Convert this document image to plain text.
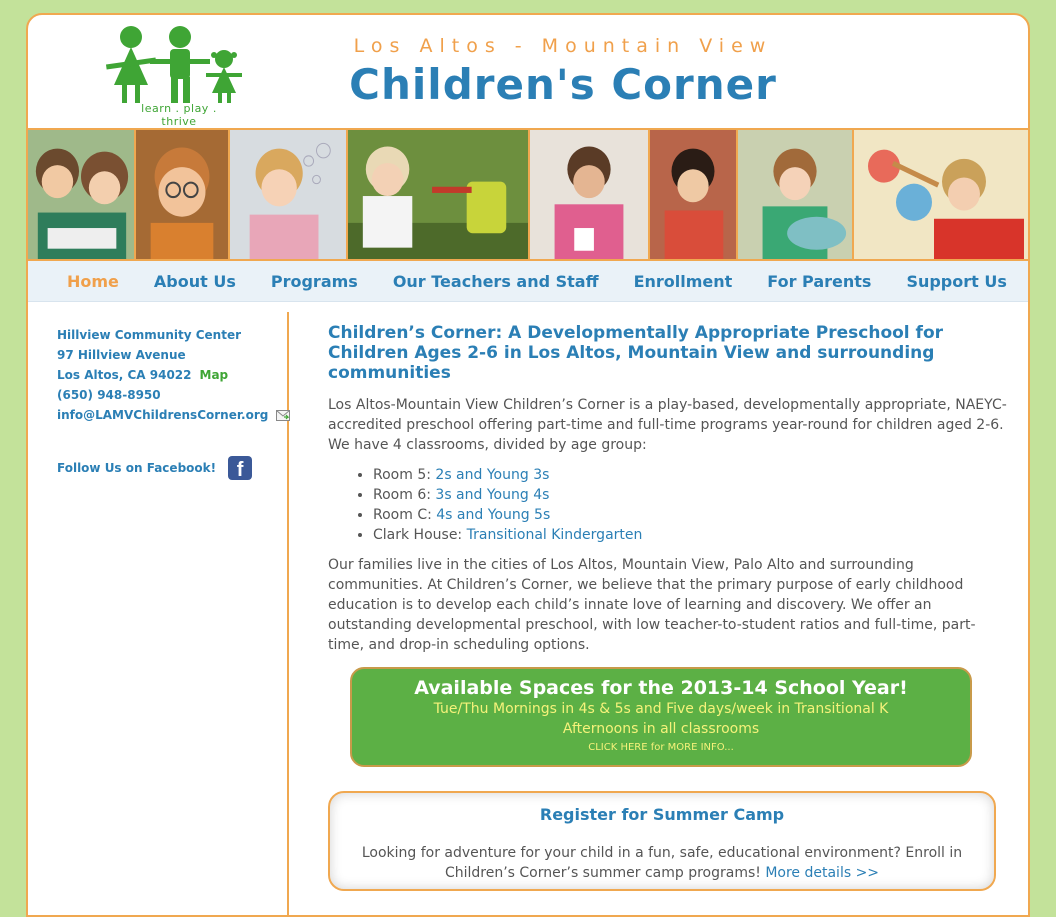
learn . play . thrive
Los Altos - Mountain View
Children's Corner
Home About Us Programs Our Teachers and Staff Enrollment For Parents Support Us
Hillview Community Center
97 Hillview Avenue
Los Altos, CA 94022 Map
(650) 948-8950
info@LAMVChildrensCorner.org
Follow Us on Facebook!	f
Children’s Corner: A Developmentally Appropriate Preschool for Children Ages 2-6 in Los Altos, Mountain View and surrounding communities

Los Altos-Mountain View Children’s Corner is a play-based, developmentally appropriate, NAEYC-accredited preschool offering part-time and full-time programs year-round for children aged 2-6. We have 4 classrooms, divided by age group:

• Room 5: 2s and Young 3s
• Room 6: 3s and Young 4s
• Room C: 4s and Young 5s
• Clark House: Transitional Kindergarten

Our families live in the cities of Los Altos, Mountain View, Palo Alto and surrounding communities. At Children’s Corner, we believe that the primary purpose of early childhood education is to develop each child’s innate love of learning and discovery. We offer an outstanding developmental preschool, with low teacher-to-student ratios and full-time, part-time, and drop-in scheduling options.

Available Spaces for the 2013-14 School Year!
Tue/Thu Mornings in 4s & 5s and Five days/week in Transitional K
Afternoons in all classrooms
CLICK HERE for MORE INFO...
Register for Summer Camp
Looking for adventure for your child in a fun, safe, educational environment? Enroll in Children’s Corner’s summer camp programs! More details >>
